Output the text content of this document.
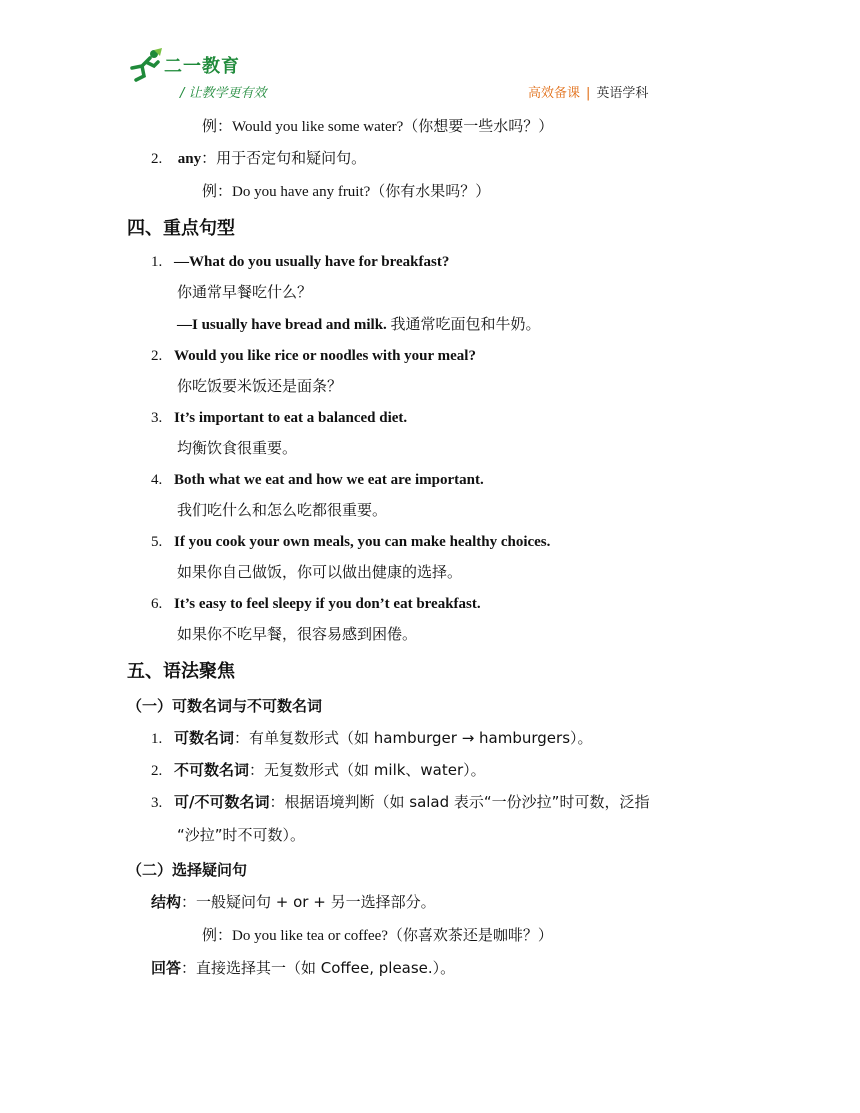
二一教育
/ 让教学更有效	高效备课 | 英语学科
例：Would you like some water?（你想要一些水吗？）
2. any：用于否定句和疑问句。
例：Do you have any fruit?（你有水果吗？）
四、重点句型
1. —What do you usually have for breakfast?
你通常早餐吃什么？
—I usually have bread and milk. 我通常吃面包和牛奶。
2. Would you like rice or noodles with your meal?
你吃饭要米饭还是面条？
3. It’s important to eat a balanced diet.
均衡饮食很重要。
4. Both what we eat and how we eat are important.
我们吃什么和怎么吃都很重要。
5. If you cook your own meals, you can make healthy choices.
如果你自己做饭，你可以做出健康的选择。
6. It’s easy to feel sleepy if you don’t eat breakfast.
如果你不吃早餐，很容易感到困倦。
五、语法聚焦
（一）可数名词与不可数名词
1. 可数名词：有单复数形式（如 hamburger → hamburgers）。
2. 不可数名词：无复数形式（如 milk、water）。
3. 可/不可数名词：根据语境判断（如 salad 表示“一份沙拉”时可数，泛指
“沙拉”时不可数）。
（二）选择疑问句
结构：一般疑问句 + or + 另一选择部分。
例：Do you like tea or coffee?（你喜欢茶还是咖啡？）
回答：直接选择其一（如 Coffee, please.）。
